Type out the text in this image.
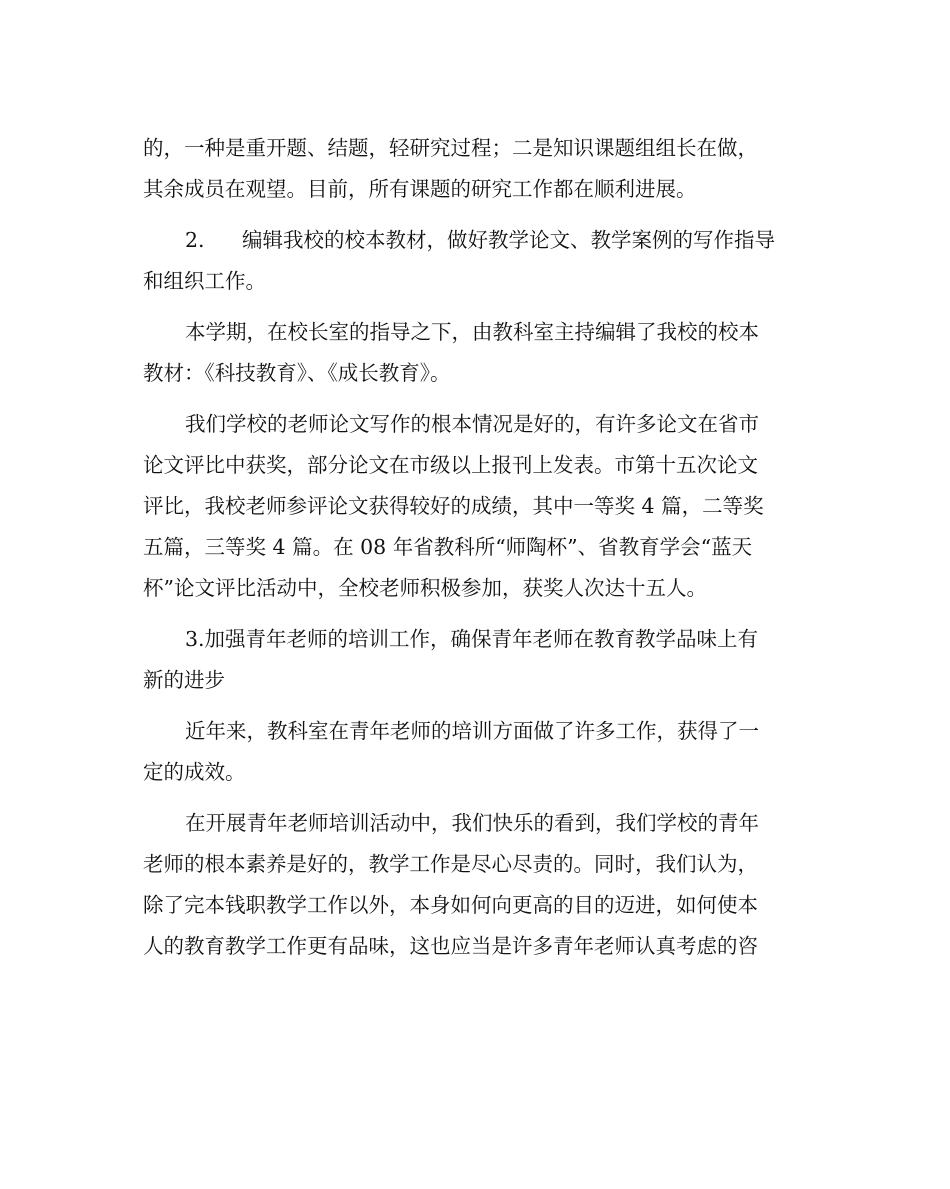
的，一种是重开题、结题，轻研究过程；二是知识课题组组长在做，
其余成员在观望。目前，所有课题的研究工作都在顺利进展。
2. 编辑我校的校本教材，做好教学论文、教学案例的写作指导
和组织工作。
本学期，在校长室的指导之下，由教科室主持编辑了我校的校本
教材：《科技教育》、《成长教育》。
我们学校的老师论文写作的根本情况是好的，有许多论文在省市
论文评比中获奖，部分论文在市级以上报刊上发表。市第十五次论文
评比，我校老师参评论文获得较好的成绩，其中一等奖 4 篇，二等奖
五篇，三等奖 4 篇。在 08 年省教科所“师陶杯”、省教育学会“蓝天
杯”论文评比活动中，全校老师积极参加，获奖人次达十五人。
3.加强青年老师的培训工作，确保青年老师在教育教学品味上有
新的进步
近年来，教科室在青年老师的培训方面做了许多工作，获得了一
定的成效。
在开展青年老师培训活动中，我们快乐的看到，我们学校的青年
老师的根本素养是好的，教学工作是尽心尽责的。同时，我们认为，
除了完本钱职教学工作以外，本身如何向更高的目的迈进，如何使本
人的教育教学工作更有品味，这也应当是许多青年老师认真考虑的咨
